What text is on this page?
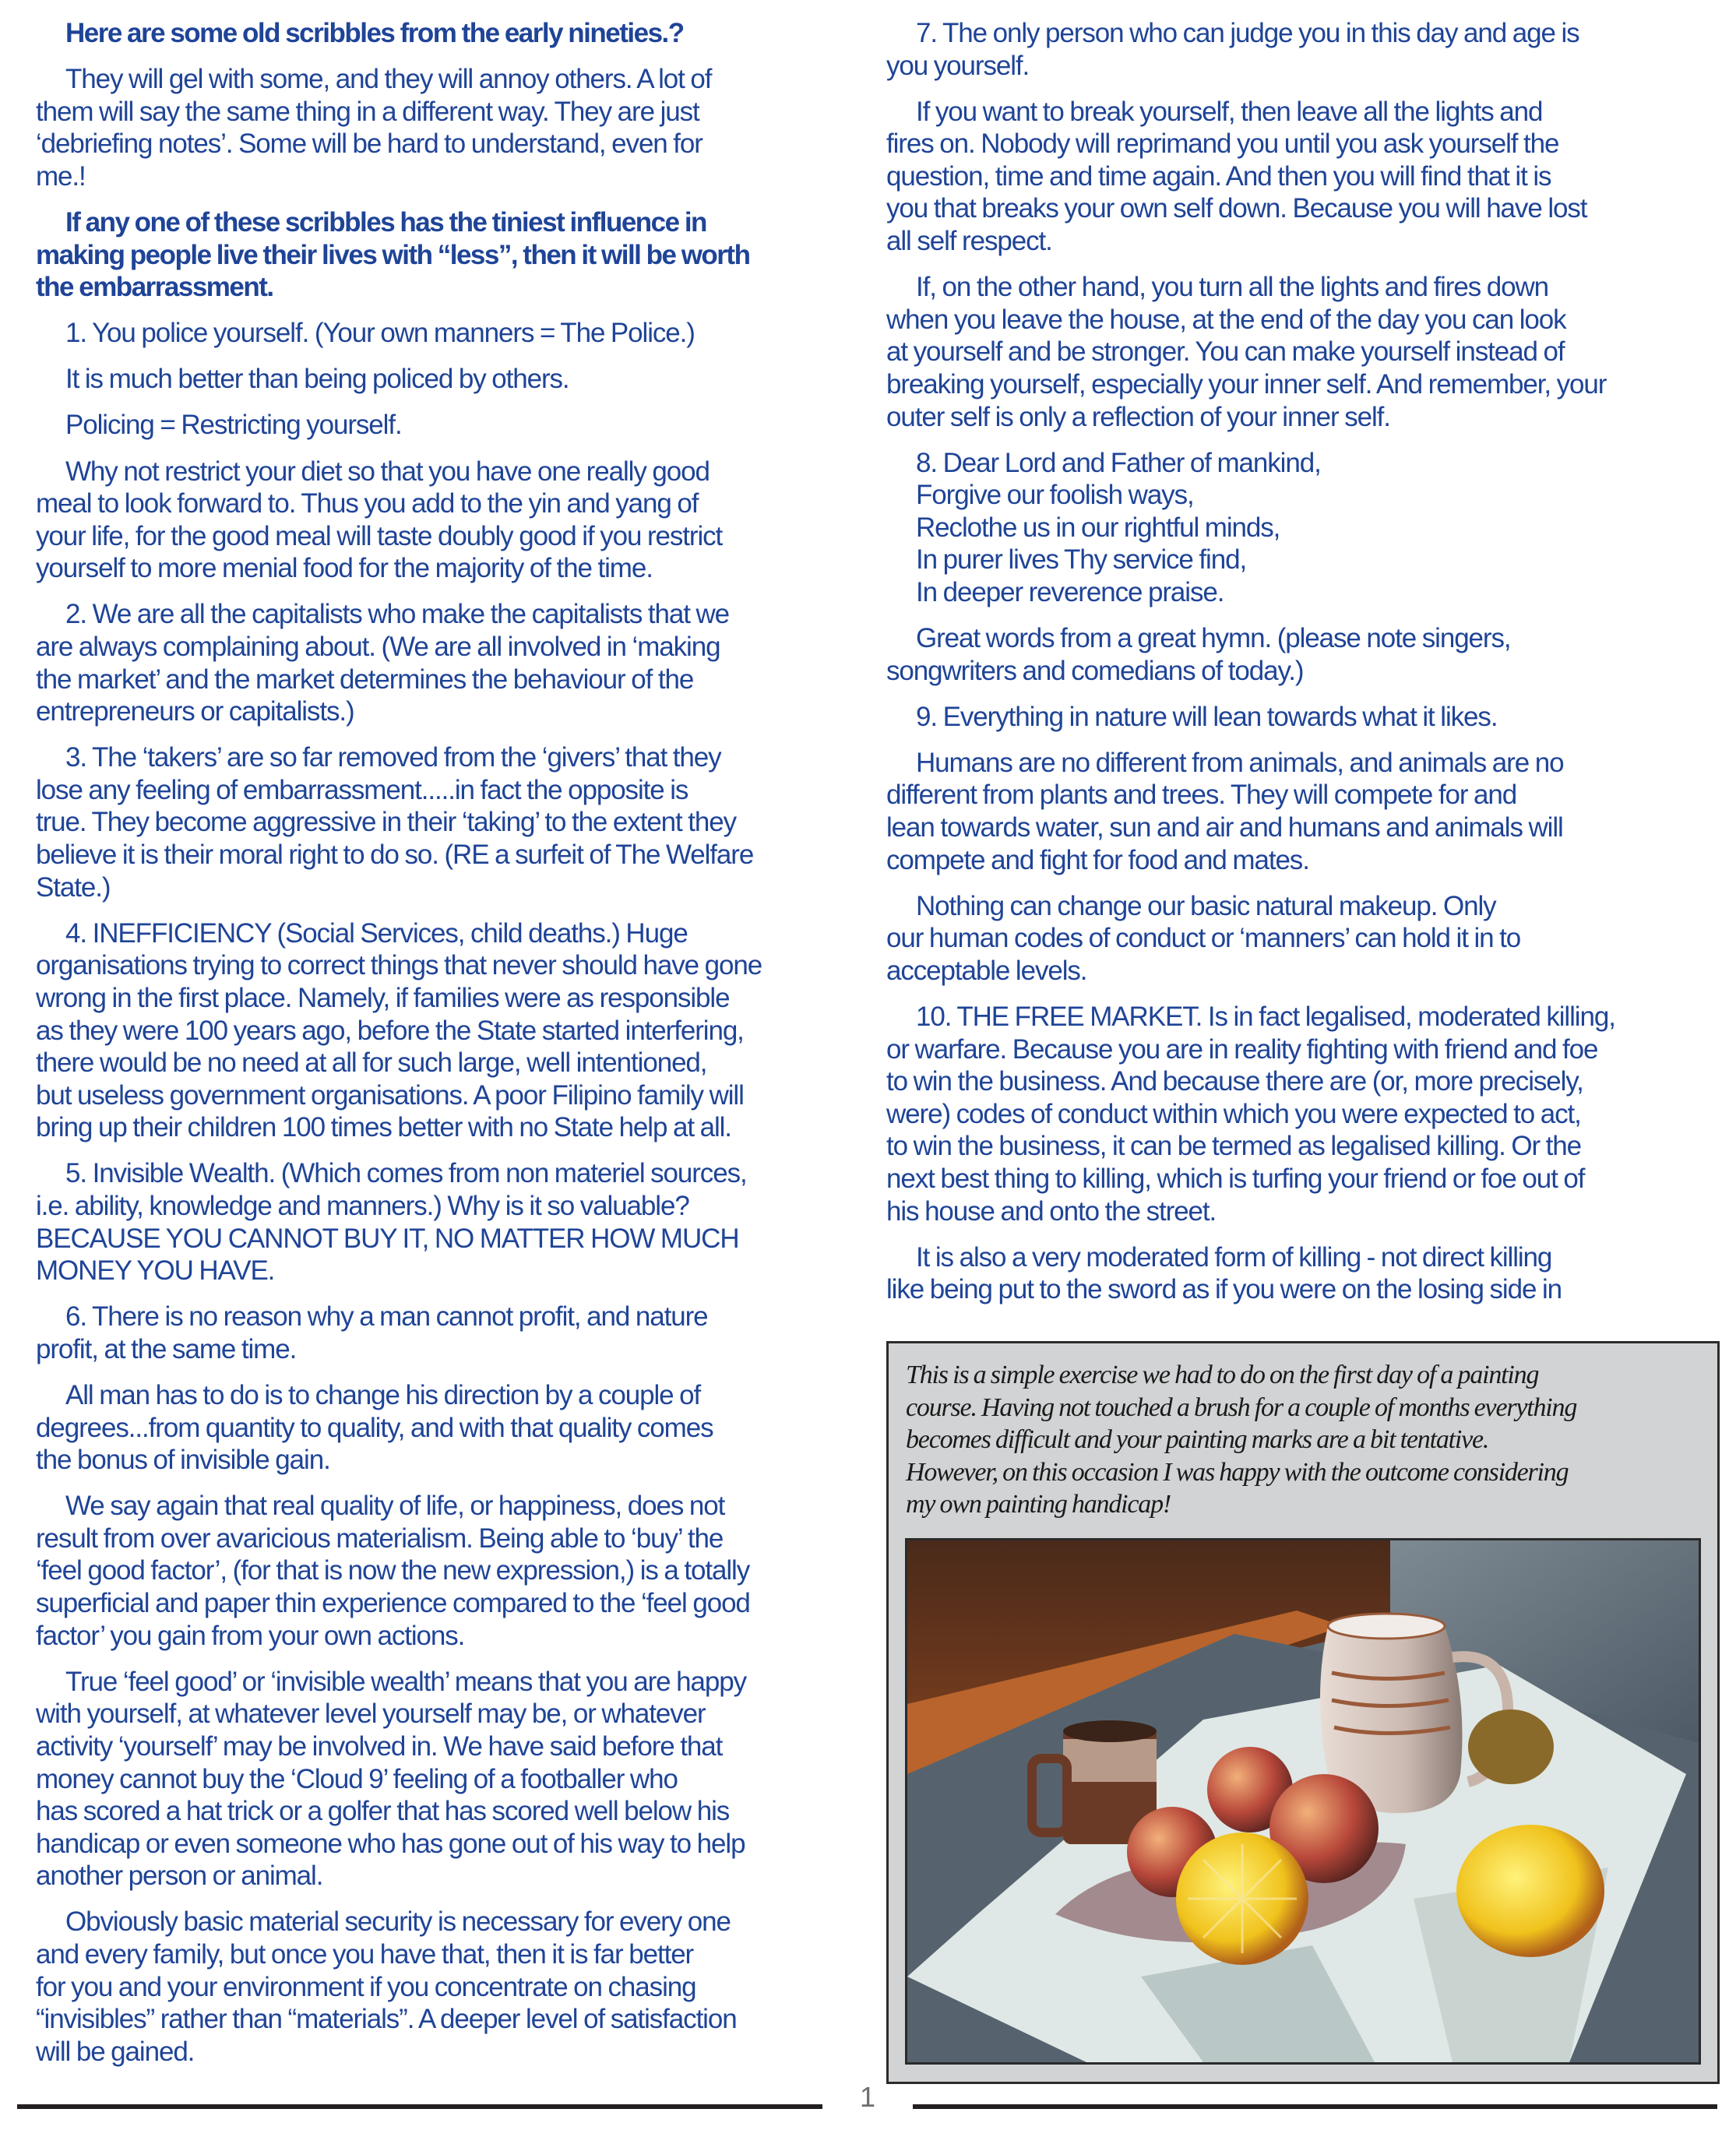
Here are some old scribbles from the early nineties.?
They will gel with some, and they will annoy others. A lot of
them will say the same thing in a different way. They are just
‘debriefing notes’. Some will be hard to understand, even for
me.!
If any one of these scribbles has the tiniest influence in
making people live their lives with “less”, then it will be worth
the embarrassment.
1. You police yourself. (Your own manners = The Police.)
It is much better than being policed by others.
Policing = Restricting yourself.
Why not restrict your diet so that you have one really good
meal to look forward to. Thus you add to the yin and yang of
your life, for the good meal will taste doubly good if you restrict
yourself to more menial food for the majority of the time.
2. We are all the capitalists who make the capitalists that we
are always complaining about. (We are all involved in ‘making
the market’ and the market determines the behaviour of the
entrepreneurs or capitalists.)
3. The ‘takers’ are so far removed from the ‘givers’ that they
lose any feeling of embarrassment.....in fact the opposite is
true. They become aggressive in their ‘taking’ to the extent they
believe it is their moral right to do so. (RE a surfeit of The Welfare
State.)
4. INEFFICIENCY (Social Services, child deaths.) Huge
organisations trying to correct things that never should have gone
wrong in the first place. Namely, if families were as responsible
as they were 100 years ago, before the State started interfering,
there would be no need at all for such large, well intentioned,
but useless government organisations. A poor Filipino family will
bring up their children 100 times better with no State help at all.
5. Invisible Wealth. (Which comes from non materiel sources,
i.e. ability, knowledge and manners.) Why is it so valuable?
BECAUSE YOU CANNOT BUY IT, NO MATTER HOW MUCH
MONEY YOU HAVE.
6. There is no reason why a man cannot profit, and nature
profit, at the same time.
All man has to do is to change his direction by a couple of
degrees...from quantity to quality, and with that quality comes
the bonus of invisible gain.
We say again that real quality of life, or happiness, does not
result from over avaricious materialism. Being able to ‘buy’ the
‘feel good factor’, (for that is now the new expression,) is a totally
superficial and paper thin experience compared to the ‘feel good
factor’ you gain from your own actions.
True ‘feel good’ or ‘invisible wealth’ means that you are happy
with yourself, at whatever level yourself may be, or whatever
activity ‘yourself’ may be involved in. We have said before that
money cannot buy the ‘Cloud 9’ feeling of a footballer who
has scored a hat trick or a golfer that has scored well below his
handicap or even someone who has gone out of his way to help
another person or animal.
Obviously basic material security is necessary for every one
and every family, but once you have that, then it is far better
for you and your environment if you concentrate on chasing
“invisibles” rather than “materials”. A deeper level of satisfaction
will be gained.
7. The only person who can judge you in this day and age is
you yourself.
If you want to break yourself, then leave all the lights and
fires on. Nobody will reprimand you until you ask yourself the
question, time and time again. And then you will find that it is
you that breaks your own self down. Because you will have lost
all self respect.
If, on the other hand, you turn all the lights and fires down
when you leave the house, at the end of the day you can look
at yourself and be stronger. You can make yourself instead of
breaking yourself, especially your inner self. And remember, your
outer self is only a reflection of your inner self.
8. Dear Lord and Father of mankind,
Forgive our foolish ways,
Reclothe us in our rightful minds,
In purer lives Thy service find,
In deeper reverence praise.
Great words from a great hymn. (please note singers,
songwriters and comedians of today.)
9. Everything in nature will lean towards what it likes.
Humans are no different from animals, and animals are no
different from plants and trees. They will compete for and
lean towards water, sun and air and humans and animals will
compete and fight for food and mates.
Nothing can change our basic natural makeup. Only
our human codes of conduct or ‘manners’ can hold it in to
acceptable levels.
10. THE FREE MARKET. Is in fact legalised, moderated killing,
or warfare. Because you are in reality fighting with friend and foe
to win the business. And because there are (or, more precisely,
were) codes of conduct within which you were expected to act,
to win the business, it can be termed as legalised killing. Or the
next best thing to killing, which is turfing your friend or foe out of
his house and onto the street.
It is also a very moderated form of killing - not direct killing
like being put to the sword as if you were on the losing side in
This is a simple exercise we had to do on the first day of a painting
course. Having not touched a brush for a couple of months everything
becomes difficult and your painting marks are a bit tentative.
However, on this occasion I was happy with the outcome considering
my own painting handicap!
1
